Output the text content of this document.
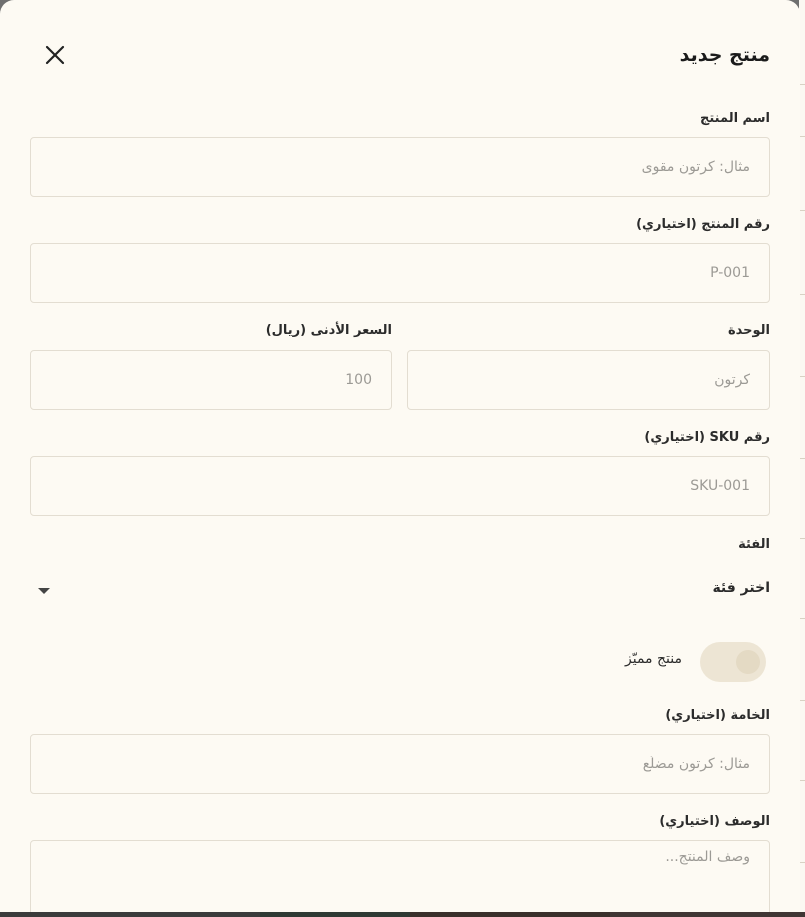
منتج جديد
اسم المنتج
مثال: كرتون مقوى
رقم المنتج (اختياري)
P-001
الوحدة
كرتون
السعر الأدنى (ريال)
100
رقم SKU (اختياري)
SKU-001
الفئة
اختر فئة
منتج مميّز
الخامة (اختياري)
مثال: كرتون مضلّع
الوصف (اختياري)
وصف المنتج...
